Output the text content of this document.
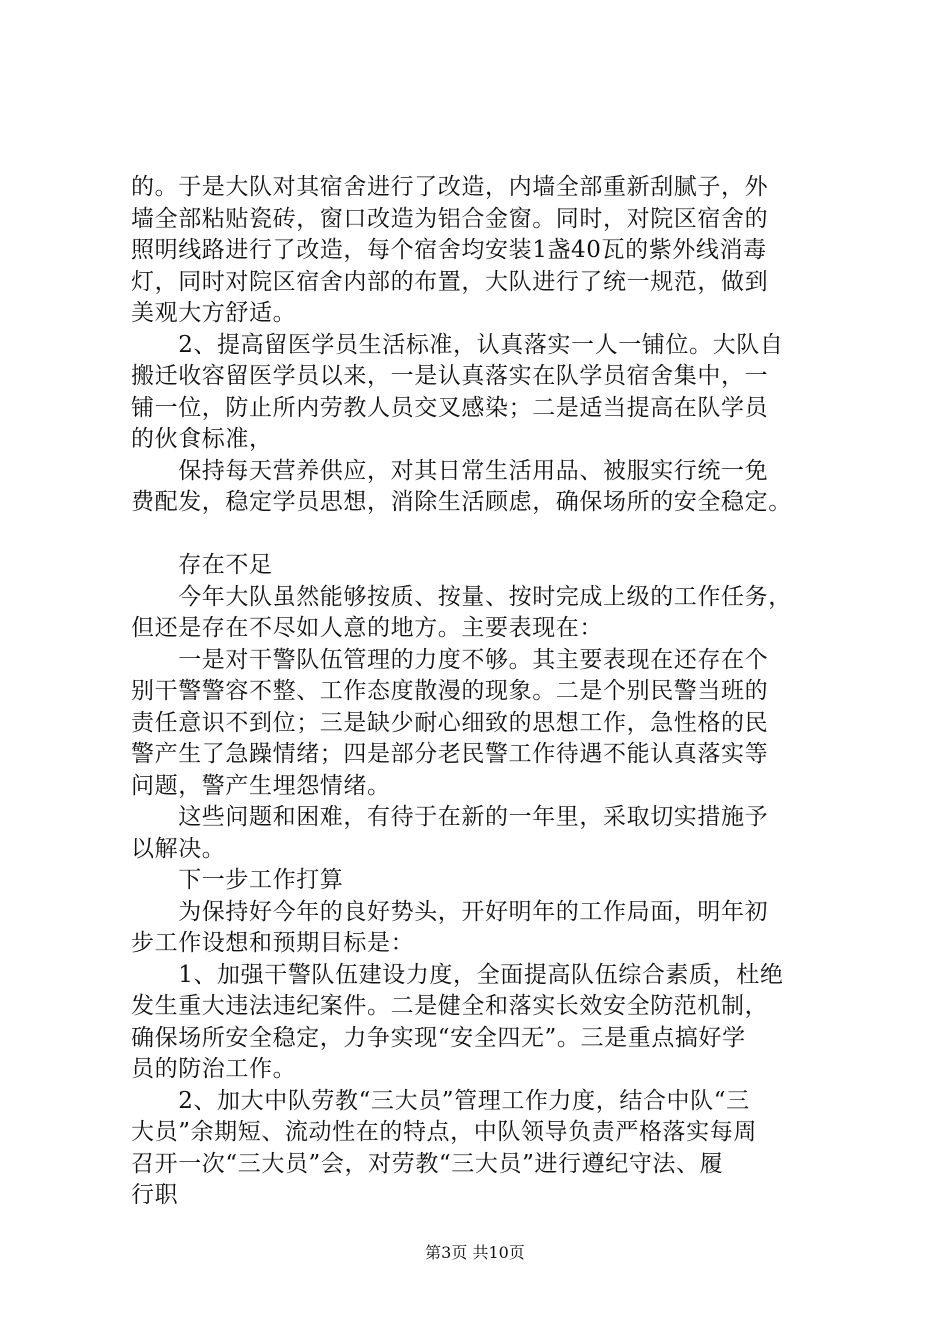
的。于是大队对其宿舍进行了改造，内墙全部重新刮腻子，外
墙全部粘贴瓷砖，窗口改造为铝合金窗。同时，对院区宿舍的
照明线路进行了改造，每个宿舍均安装1盏40瓦的紫外线消毒
灯，同时对院区宿舍内部的布置，大队进行了统一规范，做到
美观大方舒适。
　　2、提高留医学员生活标准，认真落实一人一铺位。大队自
搬迁收容留医学员以来，一是认真落实在队学员宿舍集中，一
铺一位，防止所内劳教人员交叉感染；二是适当提高在队学员
的伙食标准，
　　保持每天营养供应，对其日常生活用品、被服实行统一免
费配发，稳定学员思想，消除生活顾虑，确保场所的安全稳定。
　　存在不足
　　今年大队虽然能够按质、按量、按时完成上级的工作任务，
但还是存在不尽如人意的地方。主要表现在：
　　一是对干警队伍管理的力度不够。其主要表现在还存在个
别干警警容不整、工作态度散漫的现象。二是个别民警当班的
责任意识不到位；三是缺少耐心细致的思想工作，急性格的民
警产生了急躁情绪；四是部分老民警工作待遇不能认真落实等
问题，警产生埋怨情绪。
　　这些问题和困难，有待于在新的一年里，采取切实措施予
以解决。
　　下一步工作打算
　　为保持好今年的良好势头，开好明年的工作局面，明年初
步工作设想和预期目标是：
　　1、加强干警队伍建设力度，全面提高队伍综合素质，杜绝
发生重大违法违纪案件。二是健全和落实长效安全防范机制，
确保场所安全稳定，力争实现“安全四无”。三是重点搞好学
员的防治工作。
　　2、加大中队劳教“三大员”管理工作力度，结合中队“三
大员”余期短、流动性在的特点，中队领导负责严格落实每周
召开一次“三大员”会，对劳教“三大员”进行遵纪守法、履
行职
第3页 共10页
